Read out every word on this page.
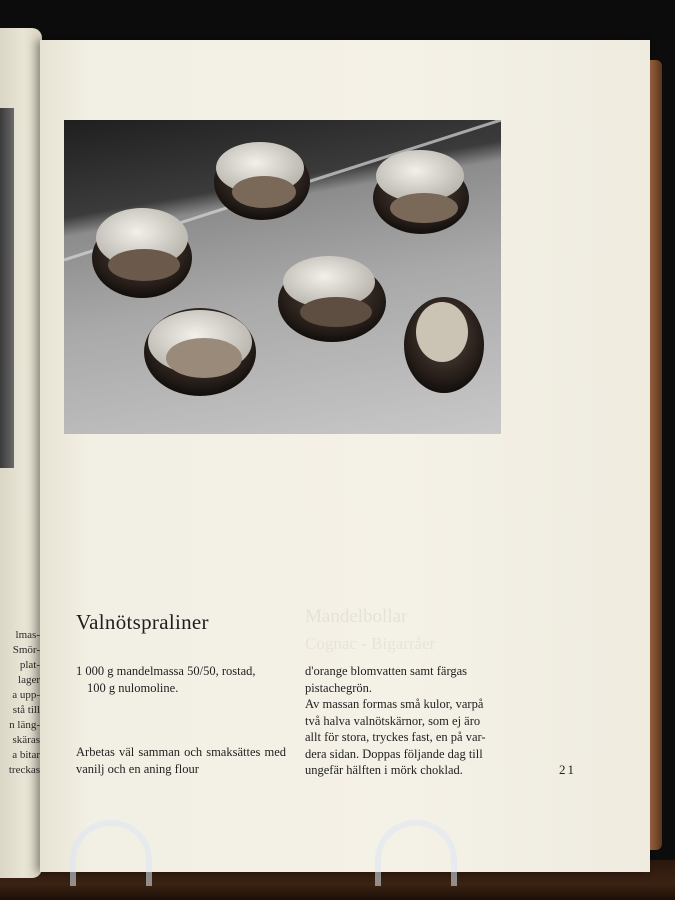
lmas-
Smör-
plat-
lager
a upp-
stå till
n läng-
skäras
a bitar
treckas
Mandelbollar
Cognac - Bigarråer
Valnötspraliner
1 000 g mandelmassa 50/50, rostad,
100 g nulomoline.
Arbetas väl samman och smaksättes med vanilj och en aning flour
d'orange blomvatten samt färgas
pistachegrön.
Av massan formas små kulor, varpå
två halva valnötskärnor, som ej äro
allt för stora, tryckes fast, en på var-
dera sidan. Doppas följande dag till
ungefär hälften i mörk choklad.	21
